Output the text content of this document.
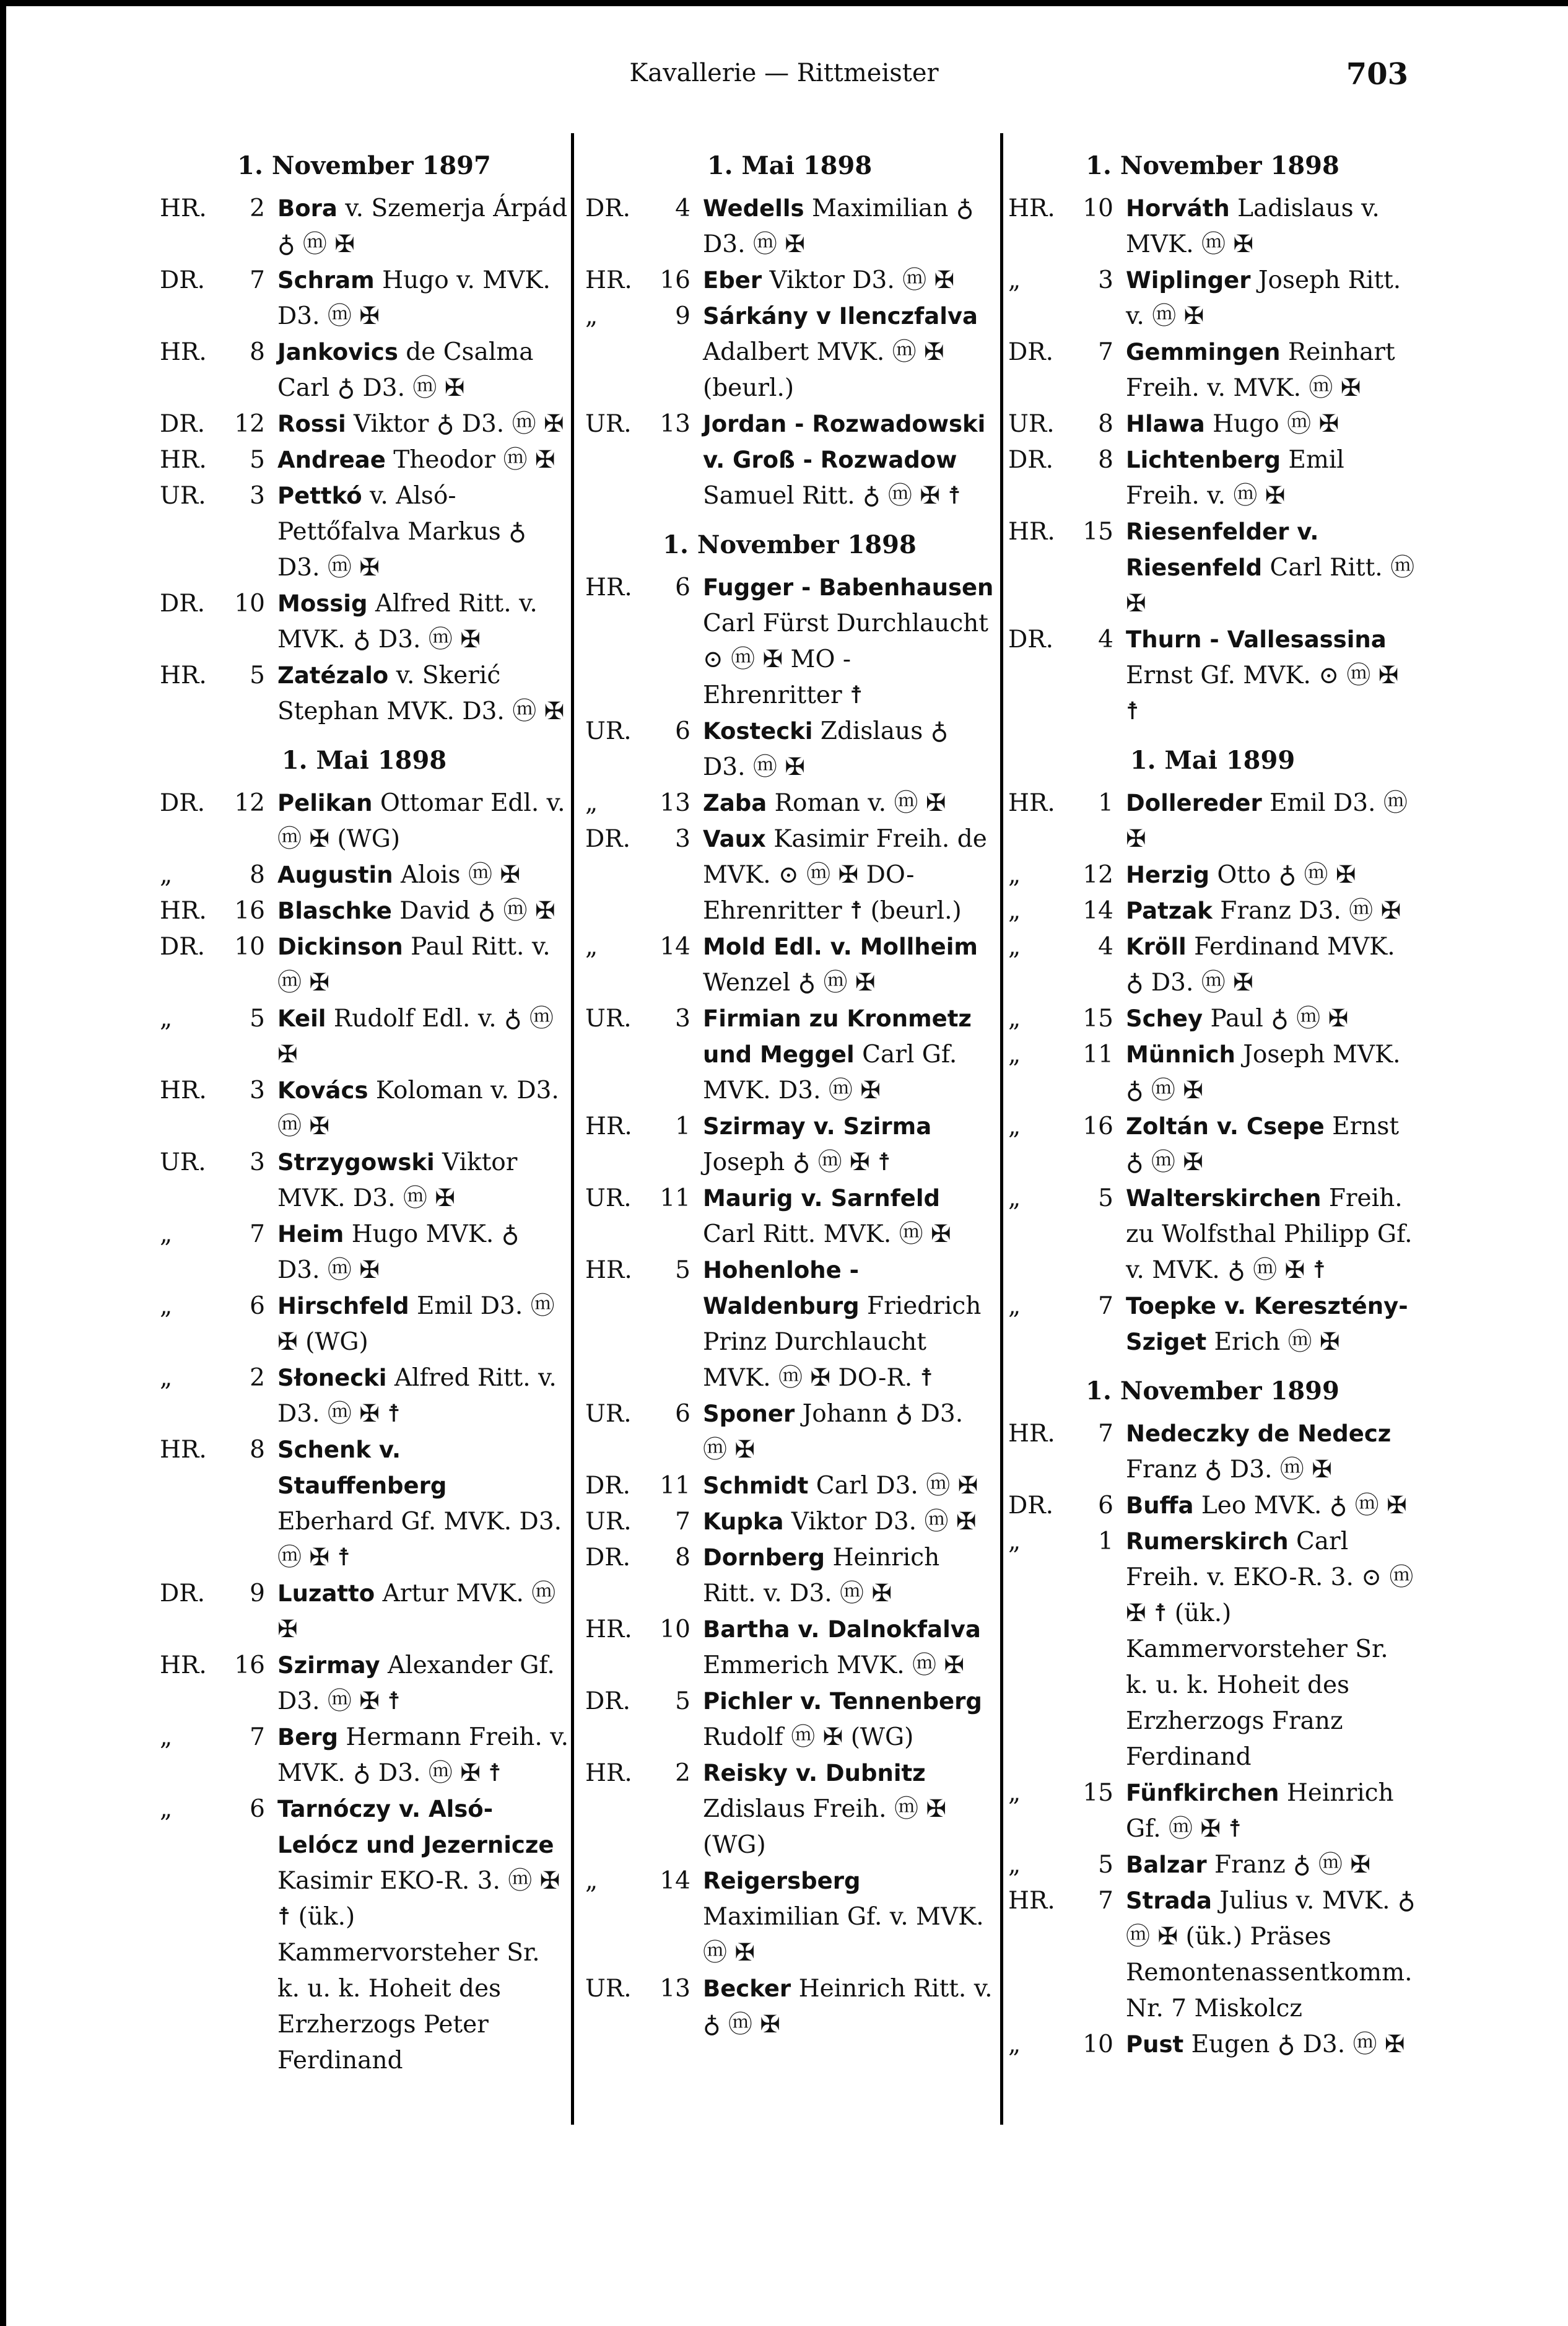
Kavallerie — Rittmeister	703
1. November 1897
HR.	2 Bora v. Szemerja Árpád ♁ ⓜ ✠
DR.	7 Schram Hugo v. MVK. D3. ⓜ ✠
HR.	8 Jankovics de Csalma Carl ♁ D3. ⓜ ✠
DR.	12 Rossi Viktor ♁ D3. ⓜ ✠
HR.	5 Andreae Theodor ⓜ ✠
UR.	3 Pettkó v. Alsó-Pettőfalva Markus ♁ D3. ⓜ ✠
DR.	10 Mossig Alfred Ritt. v. MVK. ♁ D3. ⓜ ✠
HR.	5 Zatézalo v. Skerić Stephan MVK. D3. ⓜ ✠
1. Mai 1898
DR.	12 Pelikan Ottomar Edl. v. ⓜ ✠ (WG)
„	8 Augustin Alois ⓜ ✠
HR.	16 Blaschke David ♁ ⓜ ✠
DR.	10 Dickinson Paul Ritt. v. ⓜ ✠
„	5 Keil Rudolf Edl. v. ♁ ⓜ ✠
HR.	3 Kovács Koloman v. D3. ⓜ ✠
UR.	3 Strzygowski Viktor MVK. D3. ⓜ ✠
„	7 Heim Hugo MVK. ♁ D3. ⓜ ✠
„	6 Hirschfeld Emil D3. ⓜ ✠ (WG)
„	2 Słonecki Alfred Ritt. v. D3. ⓜ ✠ ☨
HR.	8 Schenk v. Stauffenberg Eberhard Gf. MVK. D3. ⓜ ✠ ☨
DR.	9 Luzatto Artur MVK. ⓜ ✠
HR.	16 Szirmay Alexander Gf. D3. ⓜ ✠ ☨
„	7 Berg Hermann Freih. v. MVK. ♁ D3. ⓜ ✠ ☨
„	6 Tarnóczy v. Alsó-Lelócz und Jezernicze Kasimir EKO-R. 3. ⓜ ✠ ☨ (ük.) Kammervorsteher Sr. k. u. k. Hoheit des Erzherzogs Peter Ferdinand
1. Mai 1898
DR.	4 Wedells Maximilian ♁ D3. ⓜ ✠
HR.	16 Eber Viktor D3. ⓜ ✠
„	9 Sárkány v Ilenczfalva Adalbert MVK. ⓜ ✠ (beurl.)
UR.	13 Jordan - Rozwadowski v. Groß - Rozwadow Samuel Ritt. ♁ ⓜ ✠ ☨
1. November 1898
HR.	6 Fugger - Babenhausen Carl Fürst Durchlaucht ⊙ ⓜ ✠ MO - Ehrenritter ☨
UR.	6 Kostecki Zdislaus ♁ D3. ⓜ ✠
„	13 Zaba Roman v. ⓜ ✠
DR.	3 Vaux Kasimir Freih. de MVK. ⊙ ⓜ ✠ DO-Ehrenritter ☨ (beurl.)
„	14 Mold Edl. v. Mollheim Wenzel ♁ ⓜ ✠
UR.	3 Firmian zu Kronmetz und Meggel Carl Gf. MVK. D3. ⓜ ✠
HR.	1 Szirmay v. Szirma Joseph ♁ ⓜ ✠ ☨
UR.	11 Maurig v. Sarnfeld Carl Ritt. MVK. ⓜ ✠
HR.	5 Hohenlohe - Waldenburg Friedrich Prinz Durchlaucht MVK. ⓜ ✠ DO-R. ☨
UR.	6 Sponer Johann ♁ D3. ⓜ ✠
DR.	11 Schmidt Carl D3. ⓜ ✠
UR.	7 Kupka Viktor D3. ⓜ ✠
DR.	8 Dornberg Heinrich Ritt. v. D3. ⓜ ✠
HR.	10 Bartha v. Dalnokfalva Emmerich MVK. ⓜ ✠
DR.	5 Pichler v. Tennenberg Rudolf ⓜ ✠ (WG)
HR.	2 Reisky v. Dubnitz Zdislaus Freih. ⓜ ✠ (WG)
„	14 Reigersberg Maximilian Gf. v. MVK. ⓜ ✠
UR.	13 Becker Heinrich Ritt. v. ♁ ⓜ ✠
1. November 1898
HR.	10 Horváth Ladislaus v. MVK. ⓜ ✠
„	3 Wiplinger Joseph Ritt. v. ⓜ ✠
DR.	7 Gemmingen Reinhart Freih. v. MVK. ⓜ ✠
UR.	8 Hlawa Hugo ⓜ ✠
DR.	8 Lichtenberg Emil Freih. v. ⓜ ✠
HR.	15 Riesenfelder v. Riesenfeld Carl Ritt. ⓜ ✠
DR.	4 Thurn - Vallesassina Ernst Gf. MVK. ⊙ ⓜ ✠ ☨
1. Mai 1899
HR.	1 Dollereder Emil D3. ⓜ ✠
„	12 Herzig Otto ♁ ⓜ ✠
„	14 Patzak Franz D3. ⓜ ✠
„	4 Kröll Ferdinand MVK. ♁ D3. ⓜ ✠
„	15 Schey Paul ♁ ⓜ ✠
„	11 Münnich Joseph MVK. ♁ ⓜ ✠
„	16 Zoltán v. Csepe Ernst ♁ ⓜ ✠
„	5 Walterskirchen Freih. zu Wolfsthal Philipp Gf. v. MVK. ♁ ⓜ ✠ ☨
„	7 Toepke v. Keresztény-Sziget Erich ⓜ ✠
1. November 1899
HR.	7 Nedeczky de Nedecz Franz ♁ D3. ⓜ ✠
DR.	6 Buffa Leo MVK. ♁ ⓜ ✠
„	1 Rumerskirch Carl Freih. v. EKO-R. 3. ⊙ ⓜ ✠ ☨ (ük.) Kammervorsteher Sr. k. u. k. Hoheit des Erzherzogs Franz Ferdinand
„	15 Fünfkirchen Heinrich Gf. ⓜ ✠ ☨
„	5 Balzar Franz ♁ ⓜ ✠
HR.	7 Strada Julius v. MVK. ♁ ⓜ ✠ (ük.) Präses Remontenassentkomm. Nr. 7 Miskolcz
„	10 Pust Eugen ♁ D3. ⓜ ✠
